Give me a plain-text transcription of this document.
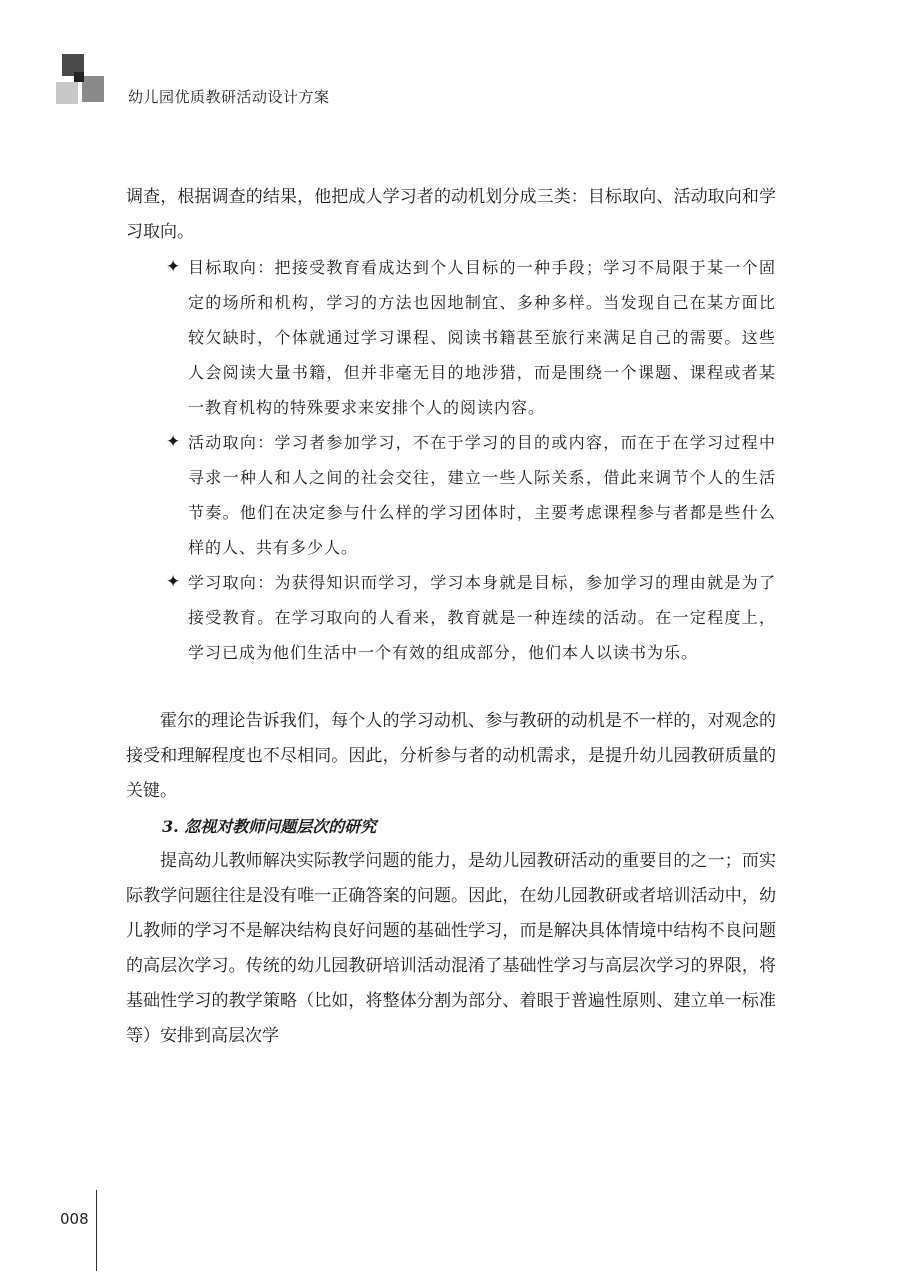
幼儿园优质教研活动设计方案

调查，根据调查的结果，他把成人学习者的动机划分成三类：目标取向、活动取向和学习取向。

✦ 目标取向：把接受教育看成达到个人目标的一种手段；学习不局限于某一个固定的场所和机构，学习的方法也因地制宜、多种多样。当发现自己在某方面比较欠缺时，个体就通过学习课程、阅读书籍甚至旅行来满足自己的需要。这些人会阅读大量书籍，但并非毫无目的地涉猎，而是围绕一个课题、课程或者某一教育机构的特殊要求来安排个人的阅读内容。
✦ 活动取向：学习者参加学习，不在于学习的目的或内容，而在于在学习过程中寻求一种人和人之间的社会交往，建立一些人际关系，借此来调节个人的生活节奏。他们在决定参与什么样的学习团体时，主要考虑课程参与者都是些什么样的人、共有多少人。
✦ 学习取向：为获得知识而学习，学习本身就是目标，参加学习的理由就是为了接受教育。在学习取向的人看来，教育就是一种连续的活动。在一定程度上，学习已成为他们生活中一个有效的组成部分，他们本人以读书为乐。

霍尔的理论告诉我们，每个人的学习动机、参与教研的动机是不一样的，对观念的接受和理解程度也不尽相同。因此，分析参与者的动机需求，是提升幼儿园教研质量的关键。

3. 忽视对教师问题层次的研究

提高幼儿教师解决实际教学问题的能力，是幼儿园教研活动的重要目的之一；而实际教学问题往往是没有唯一正确答案的问题。因此，在幼儿园教研或者培训活动中，幼儿教师的学习不是解决结构良好问题的基础性学习，而是解决具体情境中结构不良问题的高层次学习。传统的幼儿园教研培训活动混淆了基础性学习与高层次学习的界限，将基础性学习的教学策略（比如，将整体分割为部分、着眼于普遍性原则、建立单一标准等）安排到高层次学

008
